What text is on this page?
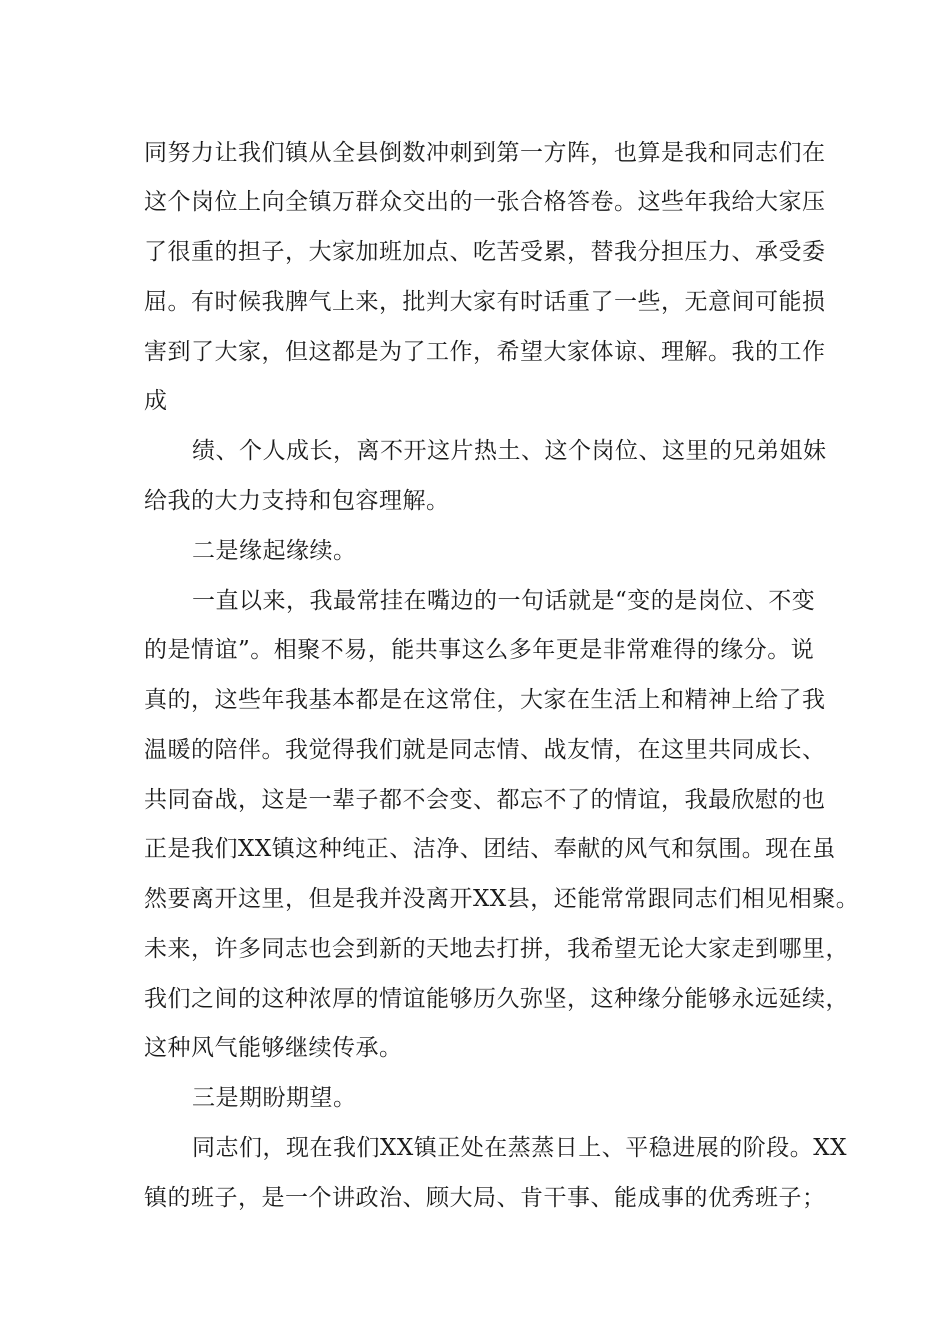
同努力让我们镇从全县倒数冲刺到第一方阵，也算是我和同志们在
这个岗位上向全镇万群众交出的一张合格答卷。这些年我给大家压
了很重的担子，大家加班加点、吃苦受累，替我分担压力、承受委
屈。有时候我脾气上来，批判大家有时话重了一些，无意间可能损
害到了大家，但这都是为了工作，希望大家体谅、理解。我的工作
成
绩、个人成长，离不开这片热土、这个岗位、这里的兄弟姐妹
给我的大力支持和包容理解。
二是缘起缘续。
一直以来，我最常挂在嘴边的一句话就是“变的是岗位、不变
的是情谊”。相聚不易，能共事这么多年更是非常难得的缘分。说
真的，这些年我基本都是在这常住，大家在生活上和精神上给了我
温暖的陪伴。我觉得我们就是同志情、战友情，在这里共同成长、
共同奋战，这是一辈子都不会变、都忘不了的情谊，我最欣慰的也
正是我们XX镇这种纯正、洁净、团结、奉献的风气和氛围。现在虽
然要离开这里，但是我并没离开XX县，还能常常跟同志们相见相聚。
未来，许多同志也会到新的天地去打拼，我希望无论大家走到哪里，
我们之间的这种浓厚的情谊能够历久弥坚，这种缘分能够永远延续，
这种风气能够继续传承。
三是期盼期望。
同志们，现在我们XX镇正处在蒸蒸日上、平稳进展的阶段。XX
镇的班子，是一个讲政治、顾大局、肯干事、能成事的优秀班子；
